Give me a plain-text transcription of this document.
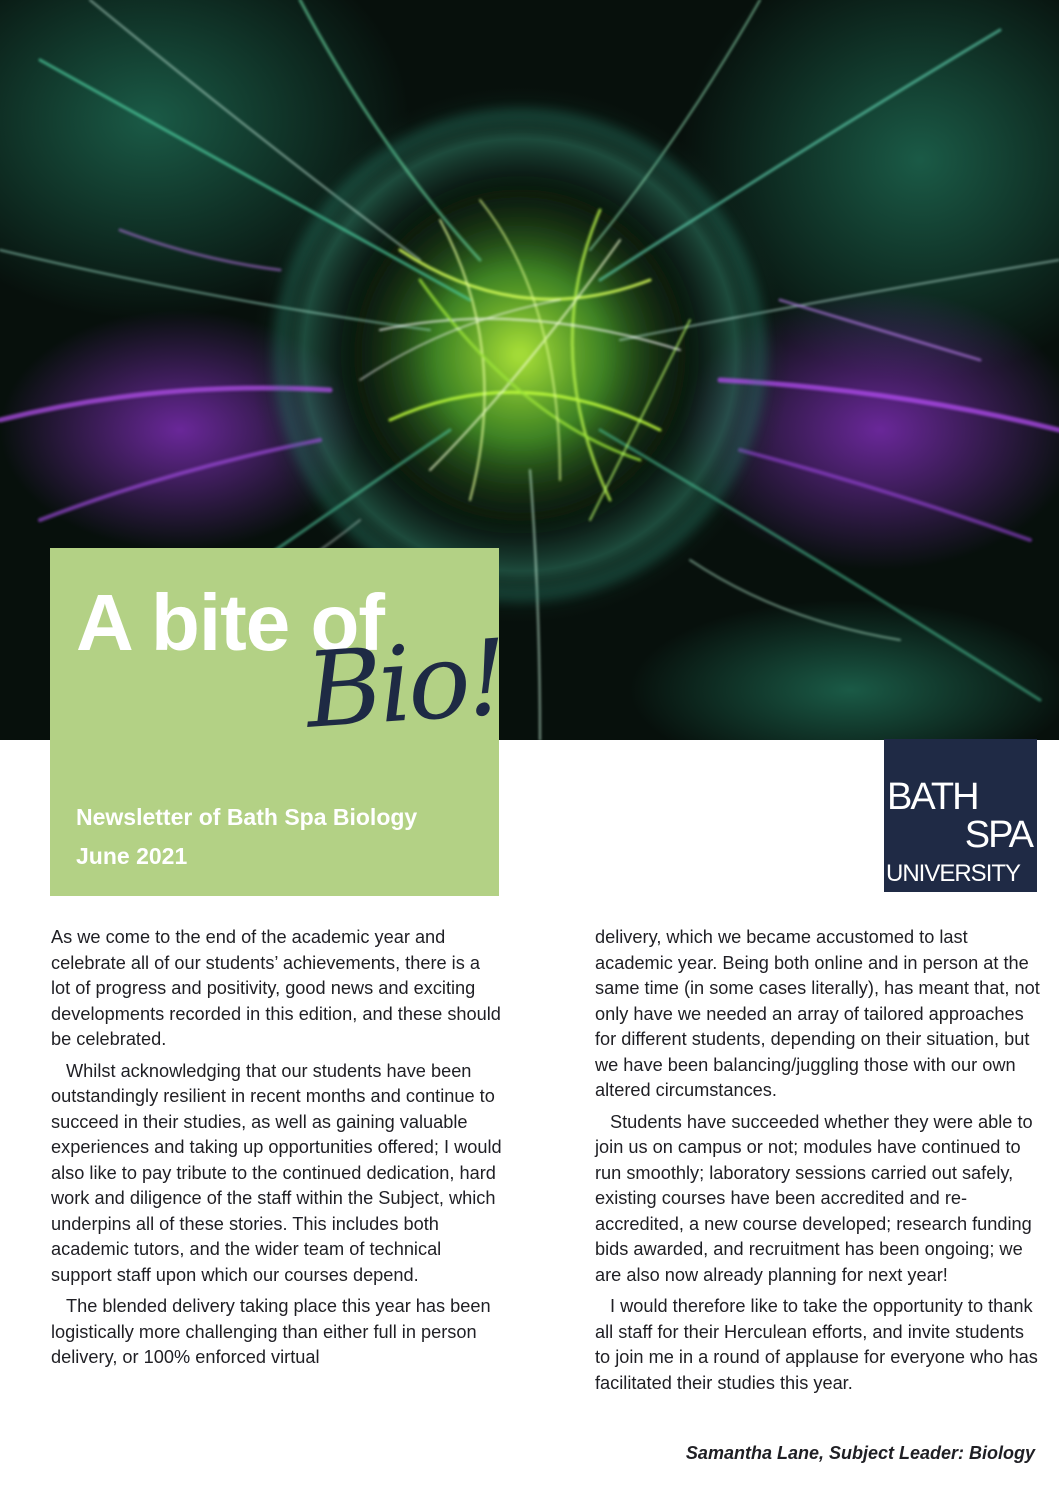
A bite of
Bio!
Newsletter of Bath Spa Biology
June 2021
BATH
SPA
UNIVERSITY

As we come to the end of the academic year and celebrate all of our students’ achievements, there is a lot of progress and positivity, good news and exciting developments recorded in this edition, and these should be celebrated.

Whilst acknowledging that our students have been outstandingly resilient in recent months and continue to succeed in their studies, as well as gaining valuable experiences and taking up opportunities offered; I would also like to pay tribute to the continued dedication, hard work and diligence of the staff within the Subject, which underpins all of these stories. This includes both academic tutors, and the wider team of technical support staff upon which our courses depend.

The blended delivery taking place this year has been logistically more challenging than either full in person delivery, or 100% enforced virtual

delivery, which we became accustomed to last academic year. Being both online and in person at the same time (in some cases literally), has meant that, not only have we needed an array of tailored approaches for different students, depending on their situation, but we have been balancing/juggling those with our own altered circumstances.

Students have succeeded whether they were able to join us on campus or not; modules have continued to run smoothly; laboratory sessions carried out safely, existing courses have been accredited and re-accredited, a new course developed; research funding bids awarded, and recruitment has been ongoing; we are also now already planning for next year!

I would therefore like to take the opportunity to thank all staff for their Herculean efforts, and invite students to join me in a round of applause for everyone who has facilitated their studies this year.

Samantha Lane, Subject Leader: Biology
